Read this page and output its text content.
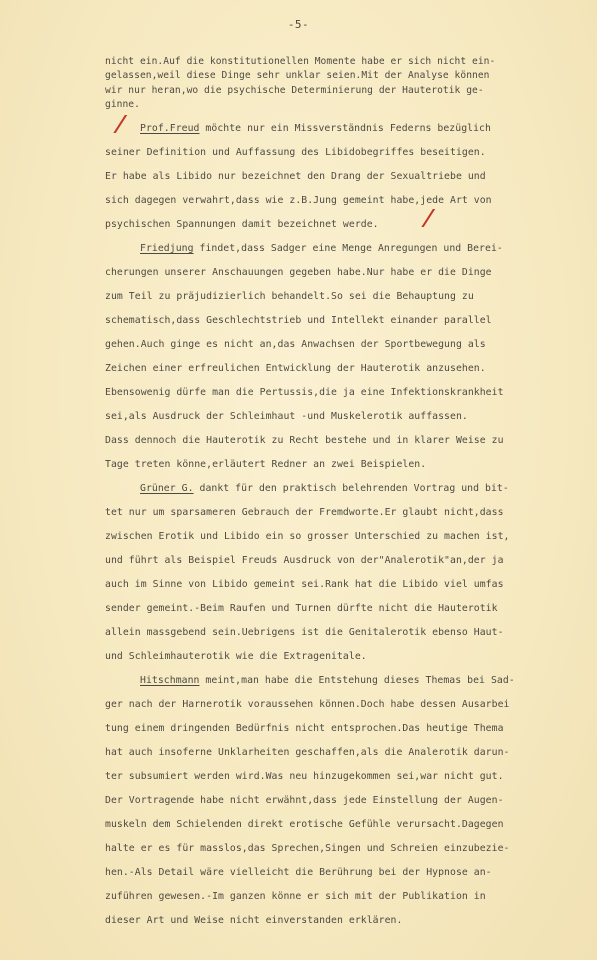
-5-
nicht ein.Auf die konstitutionellen Momente habe er sich nicht ein-
gelassen,weil diese Dinge sehr unklar seien.Mit der Analyse können
wir nur heran,wo die psychische Determinierung der Hauterotik ge-
ginne.
Prof.Freud möchte nur ein Missverständnis Federns bezüglich
seiner Definition und Auffassung des Libidobegriffes beseitigen.
Er habe als Libido nur bezeichnet den Drang der Sexualtriebe und
sich dagegen verwahrt,dass wie z.B.Jung gemeint habe,jede Art von
psychischen Spannungen damit bezeichnet werde.
Friedjung findet,dass Sadger eine Menge Anregungen und Berei-
cherungen unserer Anschauungen gegeben habe.Nur habe er die Dinge
zum Teil zu präjudizierlich behandelt.So sei die Behauptung zu
schematisch,dass Geschlechtstrieb und Intellekt einander parallel
gehen.Auch ginge es nicht an,das Anwachsen der Sportbewegung als
Zeichen einer erfreulichen Entwicklung der Hauterotik anzusehen.
Ebensowenig dürfe man die Pertussis,die ja eine Infektionskrankheit
sei,als Ausdruck der Schleimhaut -und Muskelerotik auffassen.
Dass dennoch die Hauterotik zu Recht bestehe und in klarer Weise zu
Tage treten könne,erläutert Redner an zwei Beispielen.
Grüner G. dankt für den praktisch belehrenden Vortrag und bit-
tet nur um sparsameren Gebrauch der Fremdworte.Er glaubt nicht,dass
zwischen Erotik und Libido ein so grosser Unterschied zu machen ist,
und führt als Beispiel Freuds Ausdruck von der"Analerotik"an,der ja
auch im Sinne von Libido gemeint sei.Rank hat die Libido viel umfas
sender gemeint.-Beim Raufen und Turnen dürfte nicht die Hauterotik
allein massgebend sein.Uebrigens ist die Genitalerotik ebenso Haut-
und Schleimhauterotik wie die Extragenitale.
Hitschmann meint,man habe die Entstehung dieses Themas bei Sad-
ger nach der Harnerotik voraussehen können.Doch habe dessen Ausarbei
tung einem dringenden Bedürfnis nicht entsprochen.Das heutige Thema
hat auch insoferne Unklarheiten geschaffen,als die Analerotik darun-
ter subsumiert werden wird.Was neu hinzugekommen sei,war nicht gut.
Der Vortragende habe nicht erwähnt,dass jede Einstellung der Augen-
muskeln dem Schielenden direkt erotische Gefühle verursacht.Dagegen
halte er es für masslos,das Sprechen,Singen und Schreien einzubezie-
hen.-Als Detail wäre vielleicht die Berührung bei der Hypnose an-
zuführen gewesen.-Im ganzen könne er sich mit der Publikation in
dieser Art und Weise nicht einverstanden erklären.
/
/
